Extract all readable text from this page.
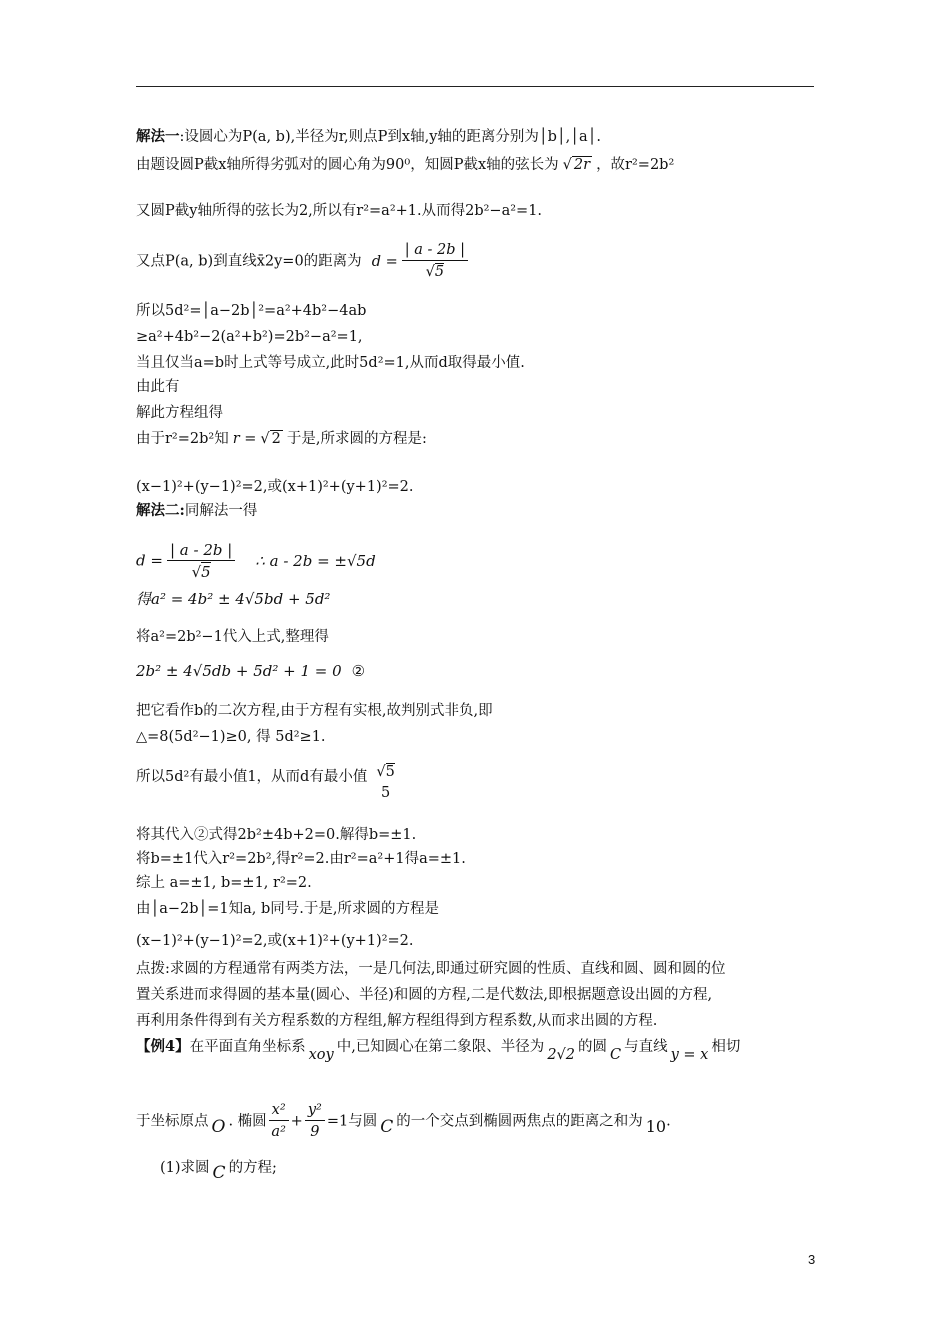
解法一:设圆心为P(a, b),半径为r,则点P到x轴,y轴的距离分别为│b│,│a│.
由题设圆P截x轴所得劣弧对的圆心角为90⁰，知圆P截x轴的弦长为 √ 2r ，故r²=2b²
又圆P截y轴所得的弦长为2,所以有r²=a²+1.从而得2b²−a²=1.
又点P(a, b)到直线x̄2y=0的距离为 $d = \frac{| a - 2b |}{√5}$
所以5d²=│a−2b│²=a²+4b²−4ab
≥a²+4b²−2(a²+b²)=2b²−a²=1,
当且仅当a=b时上式等号成立,此时5d²=1,从而d取得最小值.
由此有
解此方程组得
由于r²=2b²知 r = √ 2 于是,所求圆的方程是:
(x−1)²+(y−1)²=2,或(x+1)²+(y+1)²=2.
解法二:同解法一得
$d = \frac{| a - 2b |}{√5}$ ∴ a - 2b = ±√5d
得a² = 4b² ± 4√5bd + 5d²
将a²=2b²−1代入上式,整理得
2b² ± 4√5db + 5d² + 1 = 0 ②
把它看作b的二次方程,由于方程有实根,故判别式非负,即
△=8(5d²−1)≥0, 得 5d²≥1.
所以5d²有最小值1，从而d有最小值 √5
5
将其代入②式得2b²±4b+2=0.解得b=±1.
将b=±1代入r²=2b²,得r²=2.由r²=a²+1得a=±1.
综上 a=±1, b=±1, r²=2.
由│a−2b│=1知a, b同号.于是,所求圆的方程是
(x−1)²+(y−1)²=2,或(x+1)²+(y+1)²=2.
点拨:求圆的方程通常有两类方法，一是几何法,即通过研究圆的性质、直线和圆、圆和圆的位
置关系进而求得圆的基本量(圆心、半径)和圆的方程,二是代数法,即根据题意设出圆的方程,
再利用条件得到有关方程系数的方程组,解方程组得到方程系数,从而求出圆的方程.
【例4】在平面直角坐标系 xoy 中,已知圆心在第二象限、半径为 2√2 的圆 C 与直线 y = x 相切
于坐标原点 O . 椭圆 $\frac{\text{x²}}{\text{a²}} + \frac{\text{y²}}{9} =1$与圆 C 的一个交点到椭圆两焦点的距离之和为 10.
(1)求圆 C 的方程;
3
